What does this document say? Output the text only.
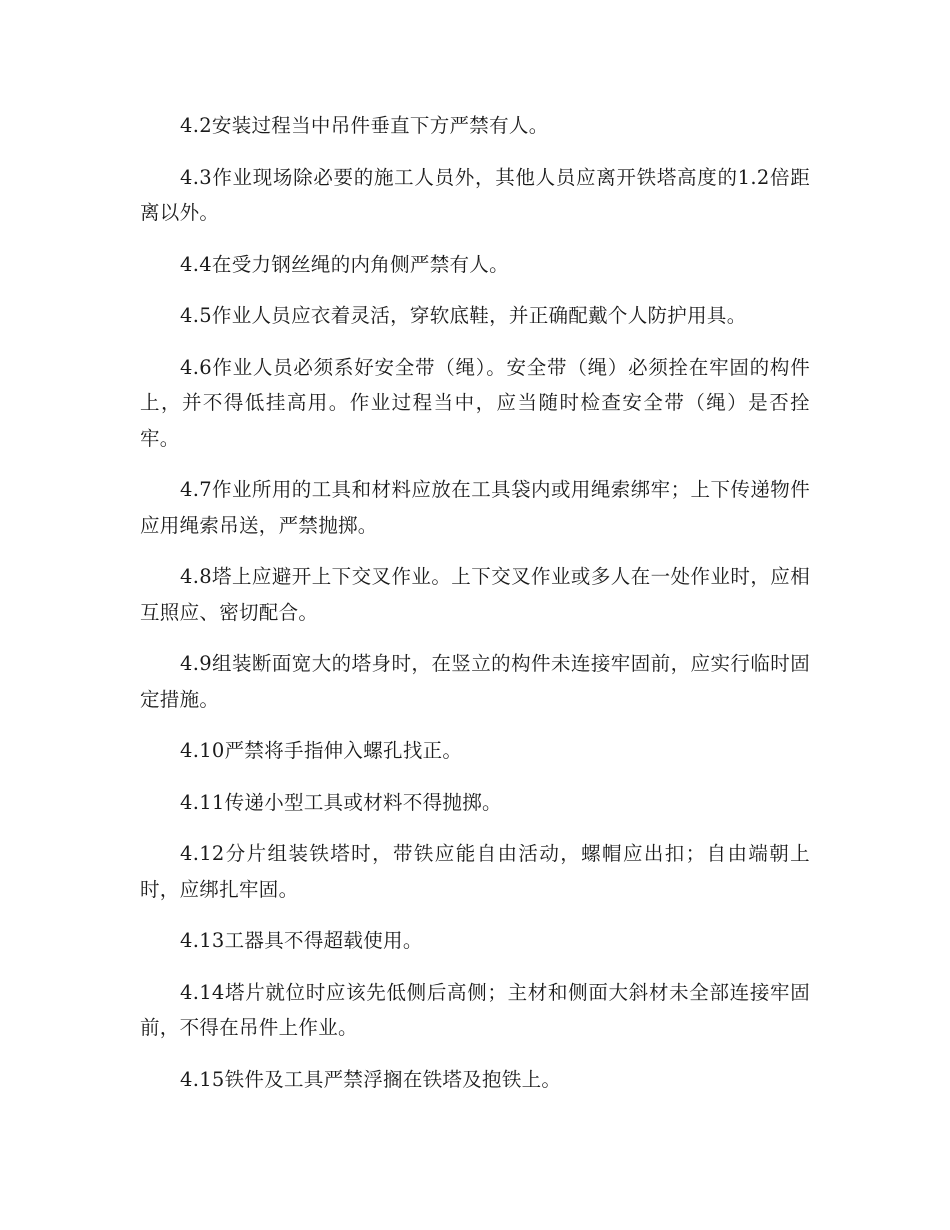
4.2安装过程当中吊件垂直下方严禁有人。

4.3作业现场除必要的施工人员外，其他人员应离开铁塔高度的1.2倍距离以外。

4.4在受力钢丝绳的内角侧严禁有人。

4.5作业人员应衣着灵活，穿软底鞋，并正确配戴个人防护用具。

4.6作业人员必须系好安全带（绳）。安全带（绳）必须拴在牢固的构件上，并不得低挂高用。作业过程当中，应当随时检查安全带（绳）是否拴牢。

4.7作业所用的工具和材料应放在工具袋内或用绳索绑牢；上下传递物件应用绳索吊送，严禁抛掷。

4.8塔上应避开上下交叉作业。上下交叉作业或多人在一处作业时，应相互照应、密切配合。

4.9组装断面宽大的塔身时，在竖立的构件未连接牢固前，应实行临时固定措施。

4.10严禁将手指伸入螺孔找正。

4.11传递小型工具或材料不得抛掷。

4.12分片组装铁塔时，带铁应能自由活动，螺帽应出扣；自由端朝上时，应绑扎牢固。

4.13工器具不得超载使用。

4.14塔片就位时应该先低侧后高侧；主材和侧面大斜材未全部连接牢固前，不得在吊件上作业。

4.15铁件及工具严禁浮搁在铁塔及抱铁上。
